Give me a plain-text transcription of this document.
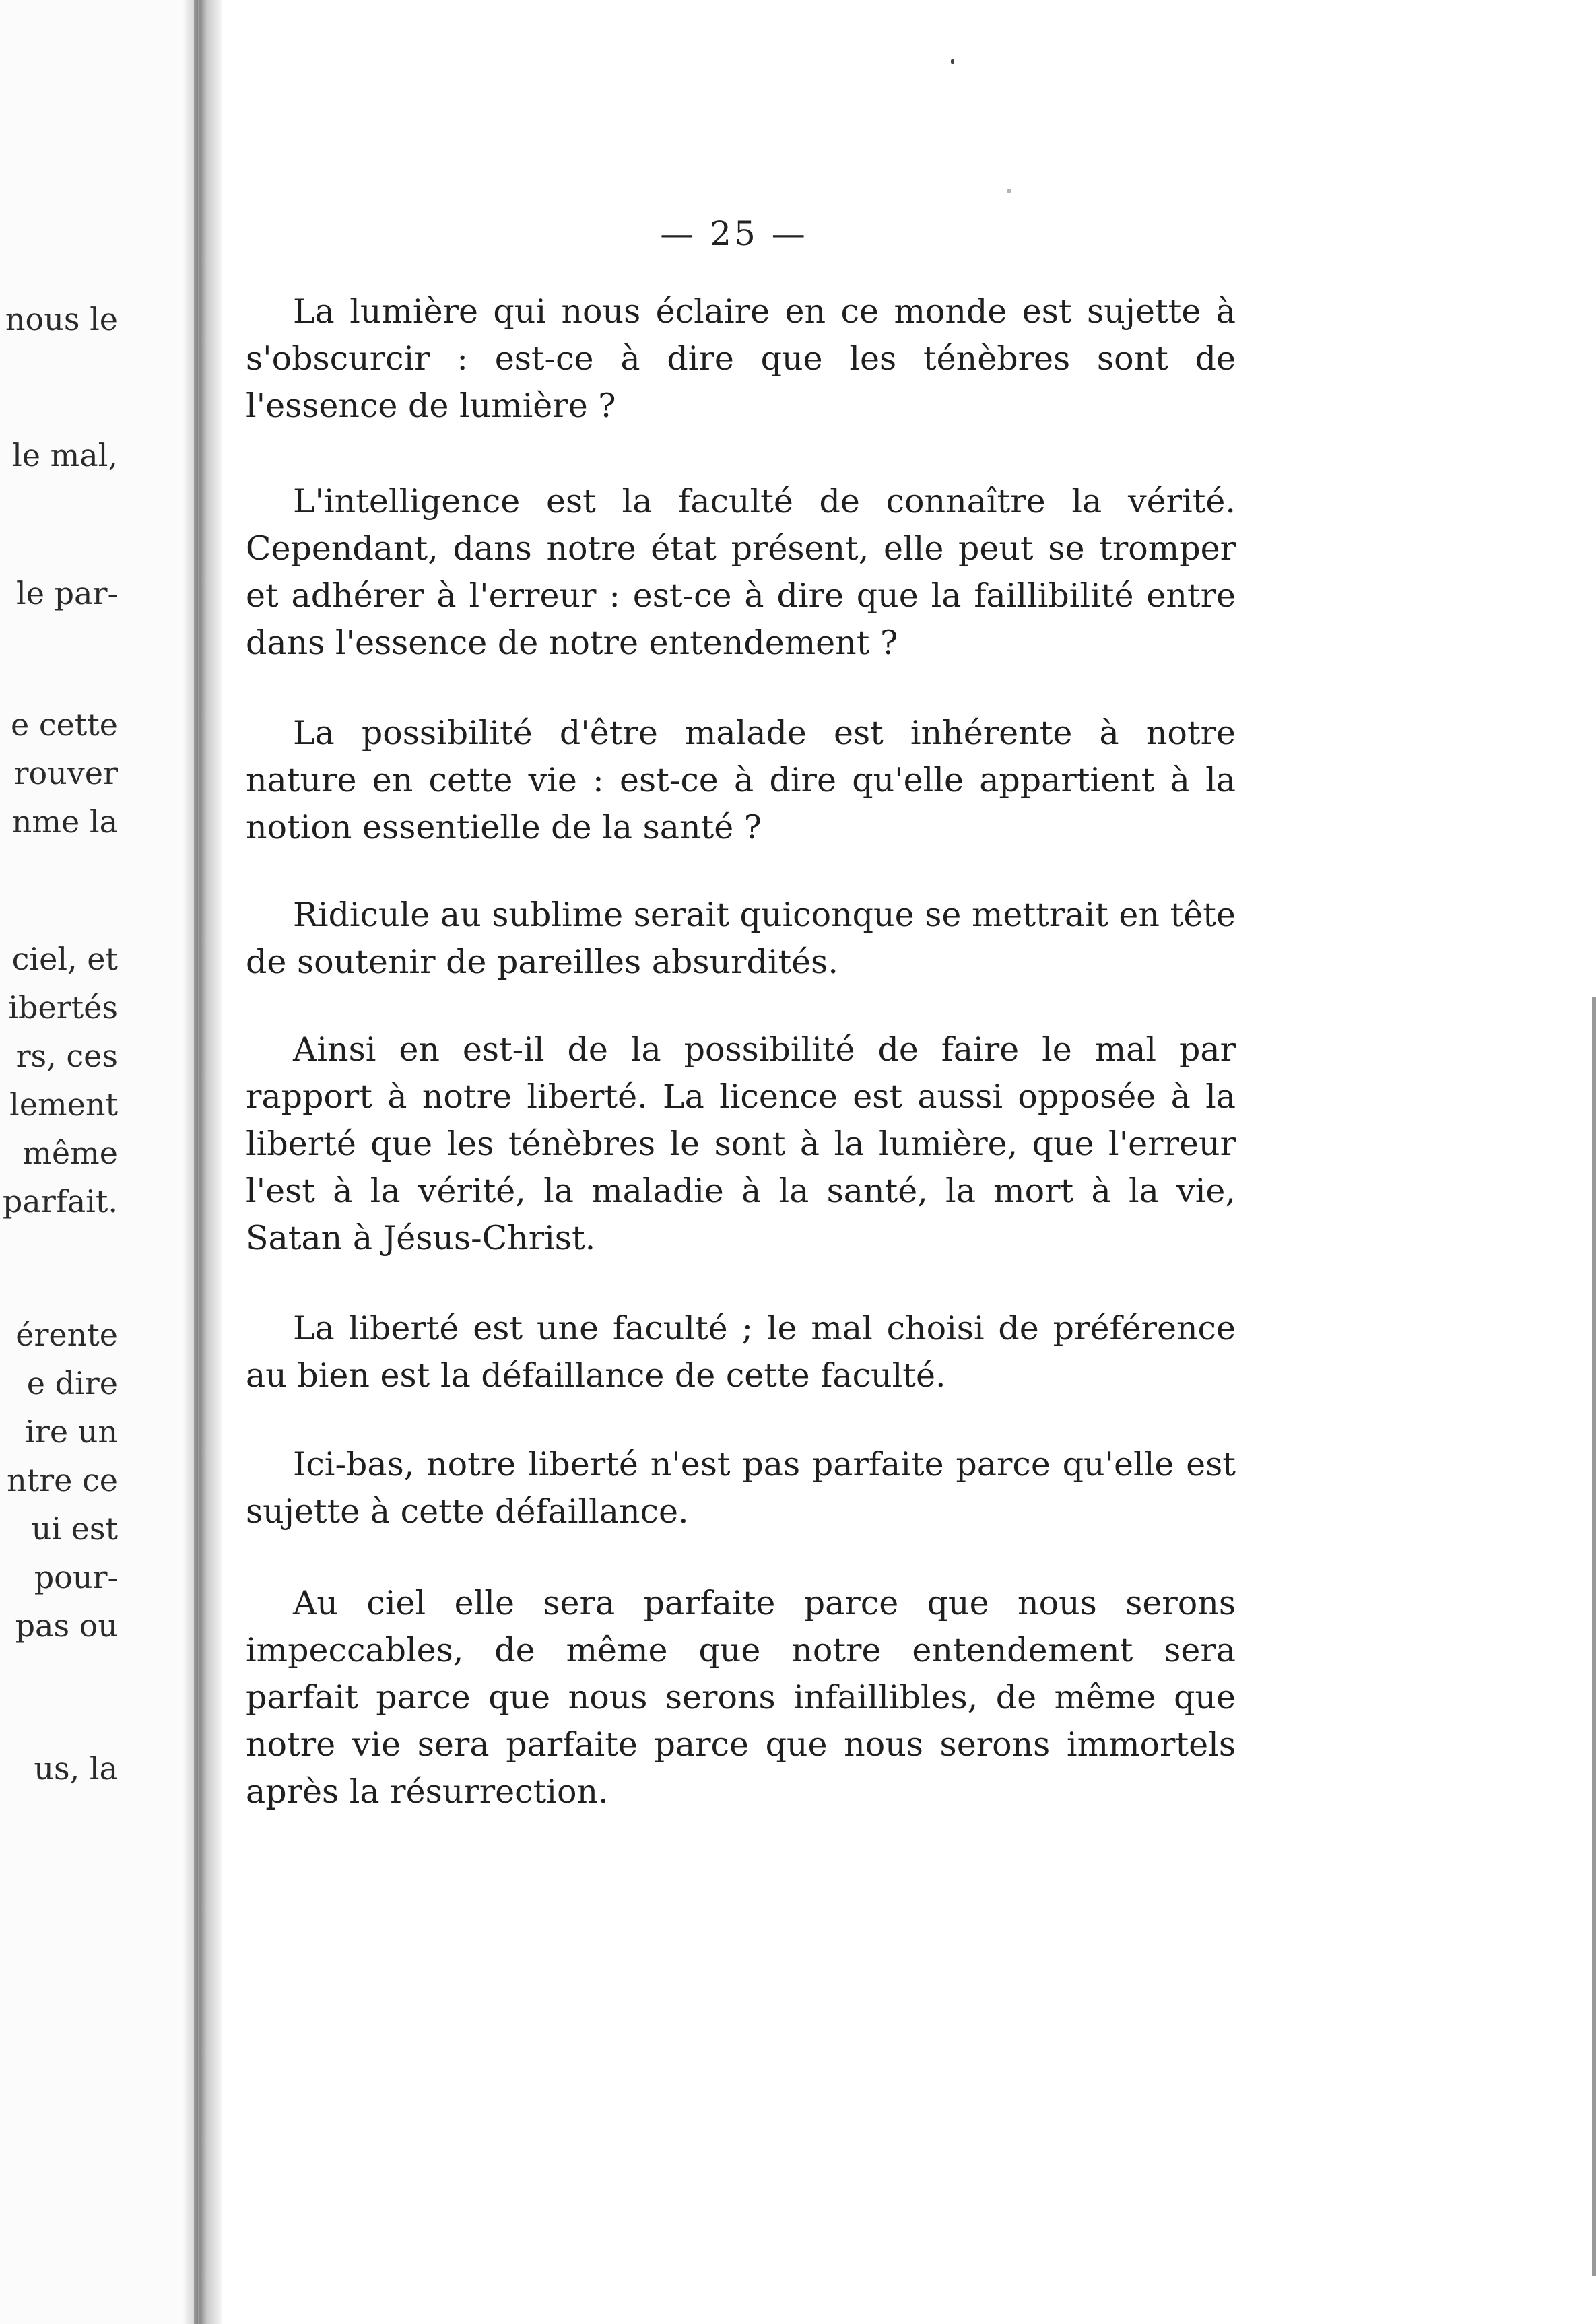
nous le
le mal,
le par-
e cette
rouver
nme la
ciel, et
ibertés
rs, ces
lement
même
parfait.
érente
e dire
ire un
ntre ce
ui est
pour-
pas ou
us, la
— 25 —
La lumière qui nous éclaire en ce monde est sujette à s'obscurcir : est-ce à dire que les ténèbres sont de l'essence de lumière ?
L'intelligence est la faculté de connaître la vérité. Cependant, dans notre état présent, elle peut se tromper et adhérer à l'erreur : est-ce à dire que la faillibilité entre dans l'essence de notre entendement ?
La possibilité d'être malade est inhérente à notre nature en cette vie : est-ce à dire qu'elle appartient à la notion essentielle de la santé ?
Ridicule au sublime serait quiconque se mettrait en tête de soutenir de pareilles absurdités.
Ainsi en est-il de la possibilité de faire le mal par rapport à notre liberté. La licence est aussi opposée à la liberté que les ténèbres le sont à la lumière, que l'erreur l'est à la vérité, la maladie à la santé, la mort à la vie, Satan à Jésus-Christ.
La liberté est une faculté ; le mal choisi de préférence au bien est la défaillance de cette faculté.
Ici-bas, notre liberté n'est pas parfaite parce qu'elle est sujette à cette défaillance.
Au ciel elle sera parfaite parce que nous serons impeccables, de même que notre entendement sera parfait parce que nous serons infaillibles, de même que notre vie sera parfaite parce que nous serons immortels après la résurrection.
